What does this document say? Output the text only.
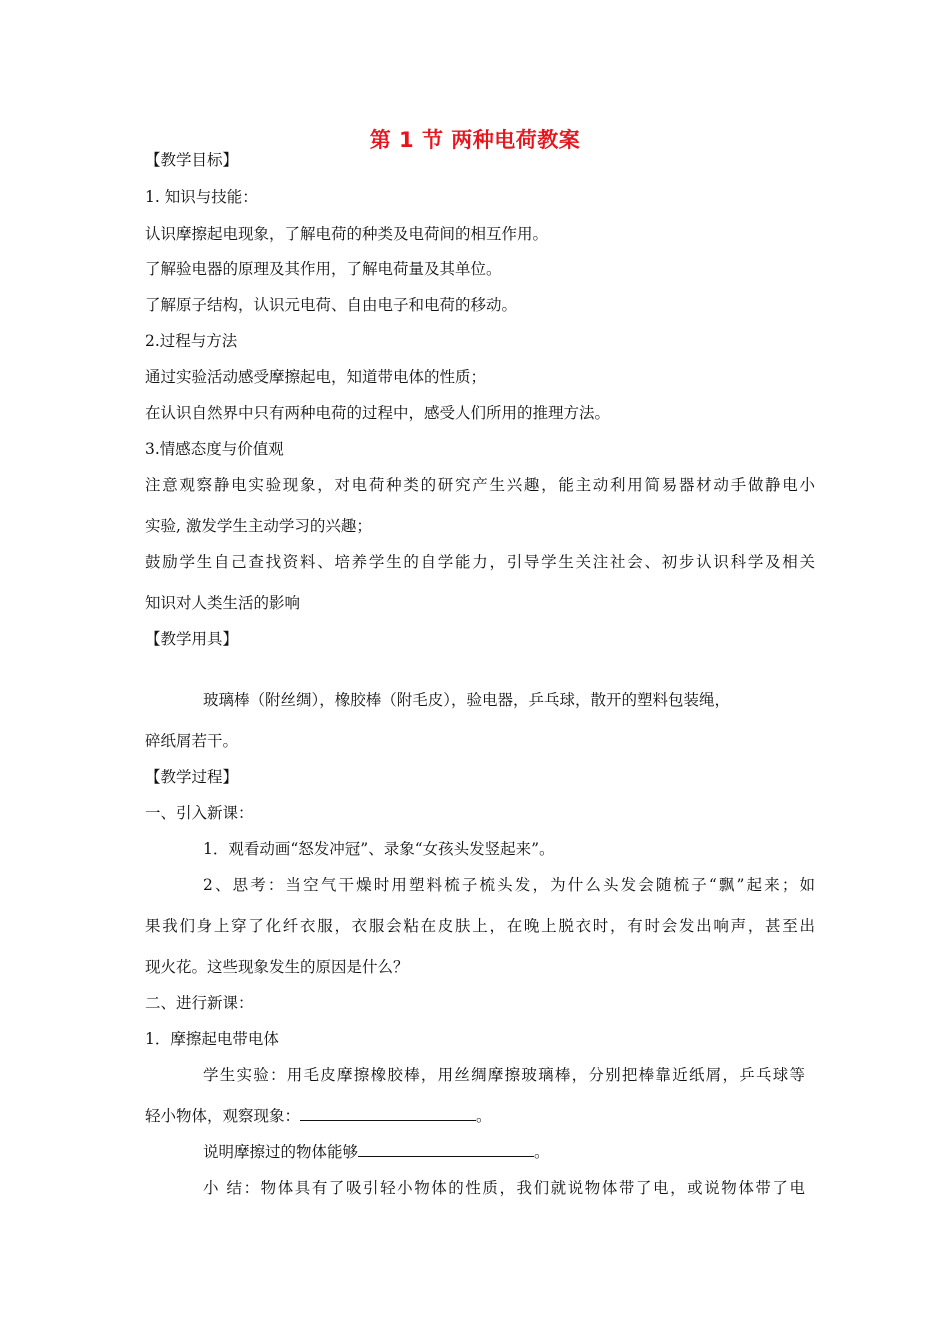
第 1 节 两种电荷教案
【教学目标】
1. 知识与技能：
认识摩擦起电现象，了解电荷的种类及电荷间的相互作用。
了解验电器的原理及其作用，了解电荷量及其单位。
了解原子结构，认识元电荷、自由电子和电荷的移动。
2.过程与方法
通过实验活动感受摩擦起电，知道带电体的性质；
在认识自然界中只有两种电荷的过程中，感受人们所用的推理方法。
3.情感态度与价值观
注意观察静电实验现象，对电荷种类的研究产生兴趣，能主动利用简易器材动手做静电小
实验, 激发学生主动学习的兴趣；
鼓励学生自己查找资料、培养学生的自学能力，引导学生关注社会、初步认识科学及相关
知识对人类生活的影响
【教学用具】
玻璃棒（附丝绸），橡胶棒（附毛皮），验电器，乒乓球，散开的塑料包装绳，
碎纸屑若干。
【教学过程】
一、引入新课：
1．观看动画“怒发冲冠”、录象“女孩头发竖起来”。
2、思考：当空气干燥时用塑料梳子梳头发，为什么头发会随梳子“飘”起来；如
果我们身上穿了化纤衣服，衣服会粘在皮肤上，在晚上脱衣时，有时会发出响声，甚至出
现火花。这些现象发生的原因是什么？
二、进行新课：
1．摩擦起电带电体
学生实验：用毛皮摩擦橡胶棒，用丝绸摩擦玻璃棒，分别把棒靠近纸屑，乒乓球等
轻小物体，观察现象：	。
说明摩擦过的物体能够	。
小 结：物体具有了吸引轻小物体的性质，我们就说物体带了电，或说物体带了电
